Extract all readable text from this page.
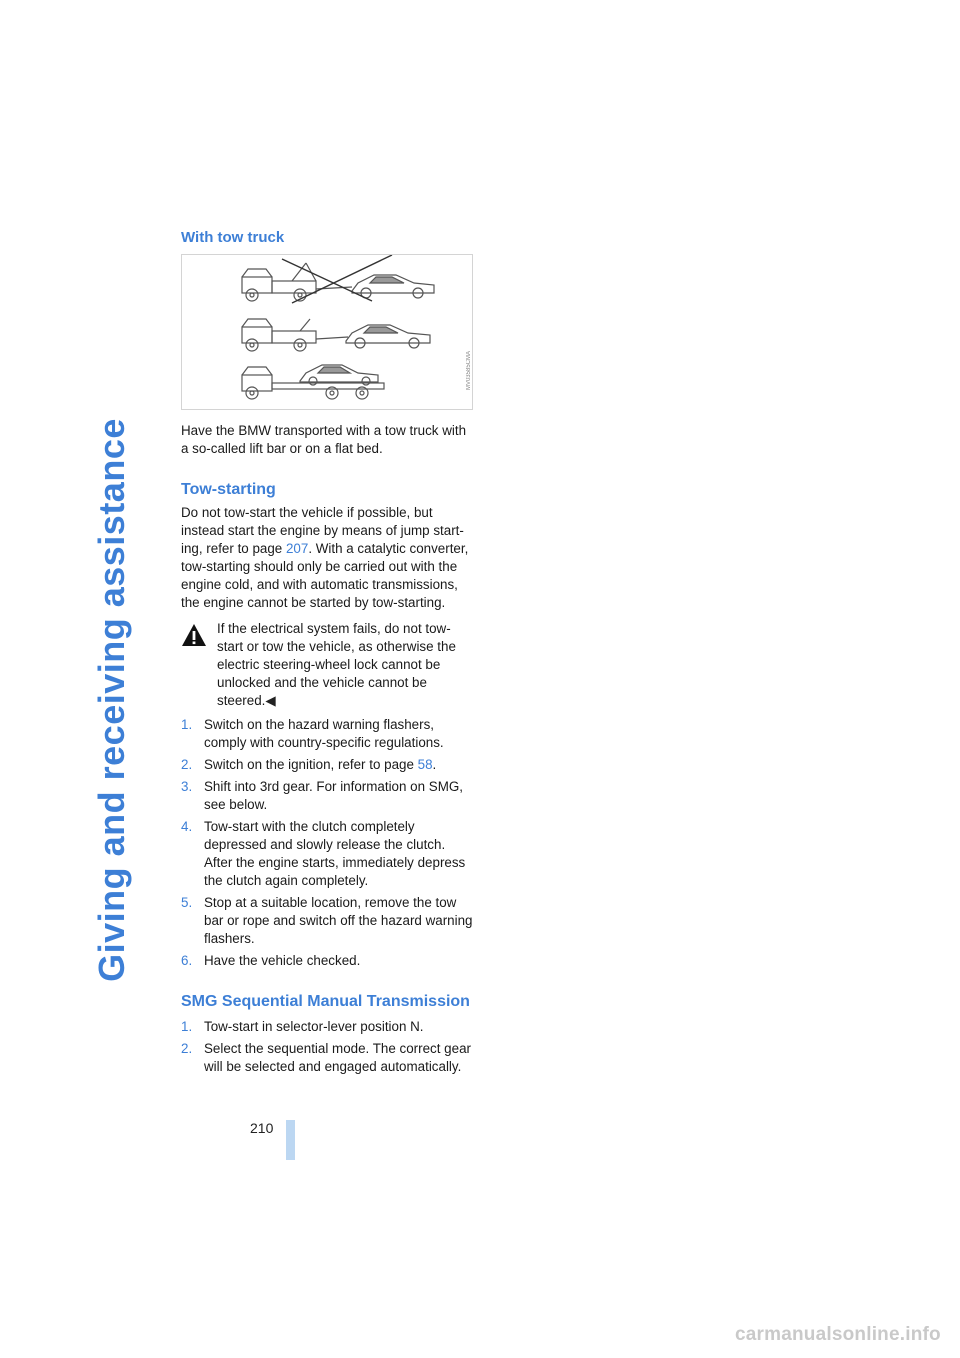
Giving and receiving assistance
With tow truck
MV03585CMA

Have the BMW transported with a tow truck with a so-called lift bar or on a flat bed.

Tow-starting

Do not tow-start the vehicle if possible, but instead start the engine by means of jump starting, refer to page 207. With a catalytic converter, tow-starting should only be carried out with the engine cold, and with automatic transmissions, the engine cannot be started by tow-starting.

If the electrical system fails, do not tow-start or tow the vehicle, as otherwise the electric steering-wheel lock cannot be unlocked and the vehicle cannot be steered.◀

1. Switch on the hazard warning flashers, comply with country-specific regulations.
2. Switch on the ignition, refer to page 58.
3. Shift into 3rd gear. For information on SMG, see below.
4. Tow-start with the clutch completely depressed and slowly release the clutch. After the engine starts, immediately depress the clutch again completely.
5. Stop at a suitable location, remove the tow bar or rope and switch off the hazard warning flashers.
6. Have the vehicle checked.
SMG Sequential Manual Transmission
1. Tow-start in selector-lever position N.
2. Select the sequential mode. The correct gear will be selected and engaged automatically.
210
carmanualsonline.info
